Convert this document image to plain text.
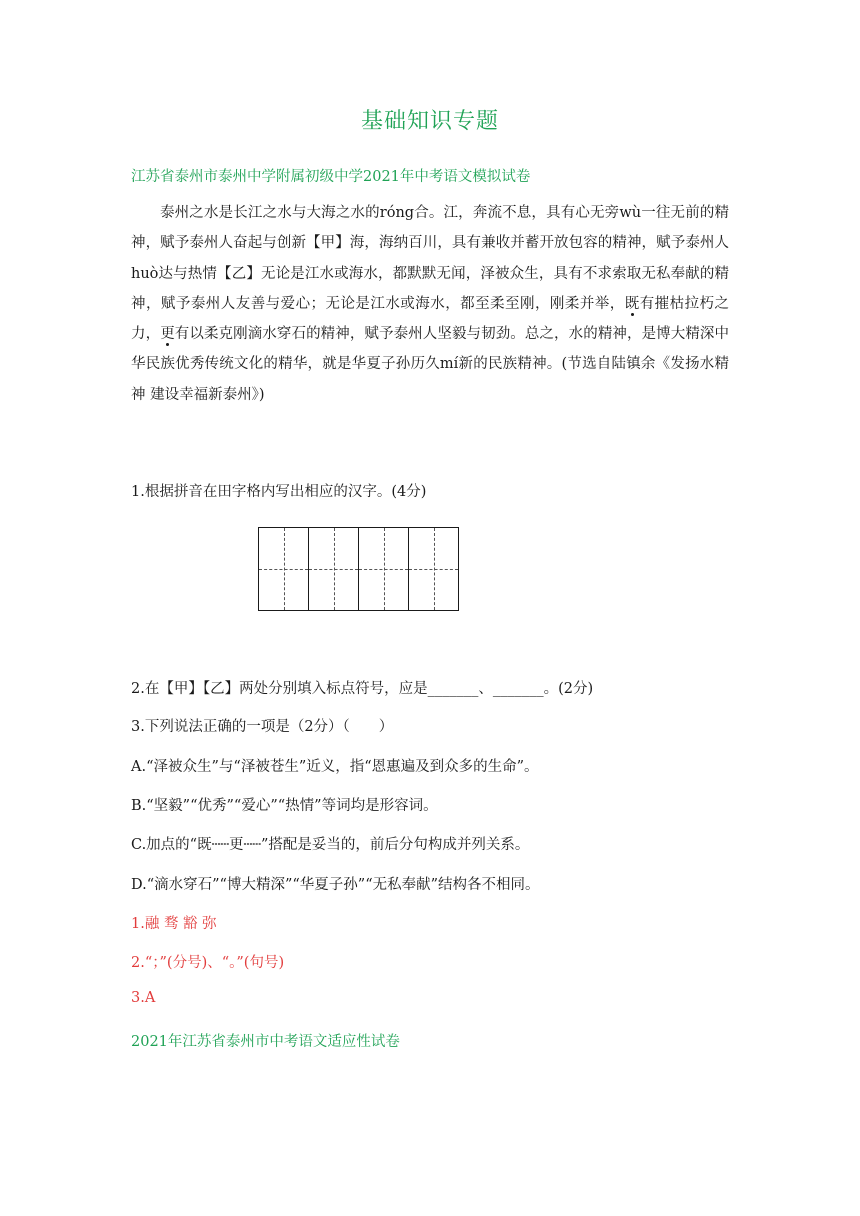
基础知识专题
江苏省泰州市泰州中学附属初级中学2021年中考语文模拟试卷

泰州之水是长江之水与大海之水的róng合。江，奔流不息，具有心无旁wù一往无前的精神，赋予泰州人奋起与创新【甲】海，海纳百川，具有兼收并蓄开放包容的精神，赋予泰州人huò达与热情【乙】无论是江水或海水，都默默无闻，泽被众生，具有不求索取无私奉献的精神，赋予泰州人友善与爱心；无论是江水或海水，都至柔至刚，刚柔并举，既有摧枯拉朽之力，更有以柔克刚滴水穿石的精神，赋予泰州人坚毅与韧劲。总之，水的精神，是博大精深中华民族优秀传统文化的精华，就是华夏子孙历久mí新的民族精神。(节选自陆镇余《发扬水精神 建设幸福新泰州》)

1.根据拼音在田字格内写出相应的汉字。(4分)
2.在【甲】【乙】两处分别填入标点符号，应是_______、_______。(2分)
3.下列说法正确的一项是（2分）（　　）
A.“泽被众生”与“泽被苍生”近义，指“恩惠遍及到众多的生命”。
B.“坚毅”“优秀”“爱心”“热情”等词均是形容词。
C.加点的“既┄┄更┄┄”搭配是妥当的，前后分句构成并列关系。
D.“滴水穿石”“博大精深”“华夏子孙”“无私奉献”结构各不相同。
1.融 骛 豁 弥
2.“；”(分号)、“。”(句号)
3.A
2021年江苏省泰州市中考语文适应性试卷
